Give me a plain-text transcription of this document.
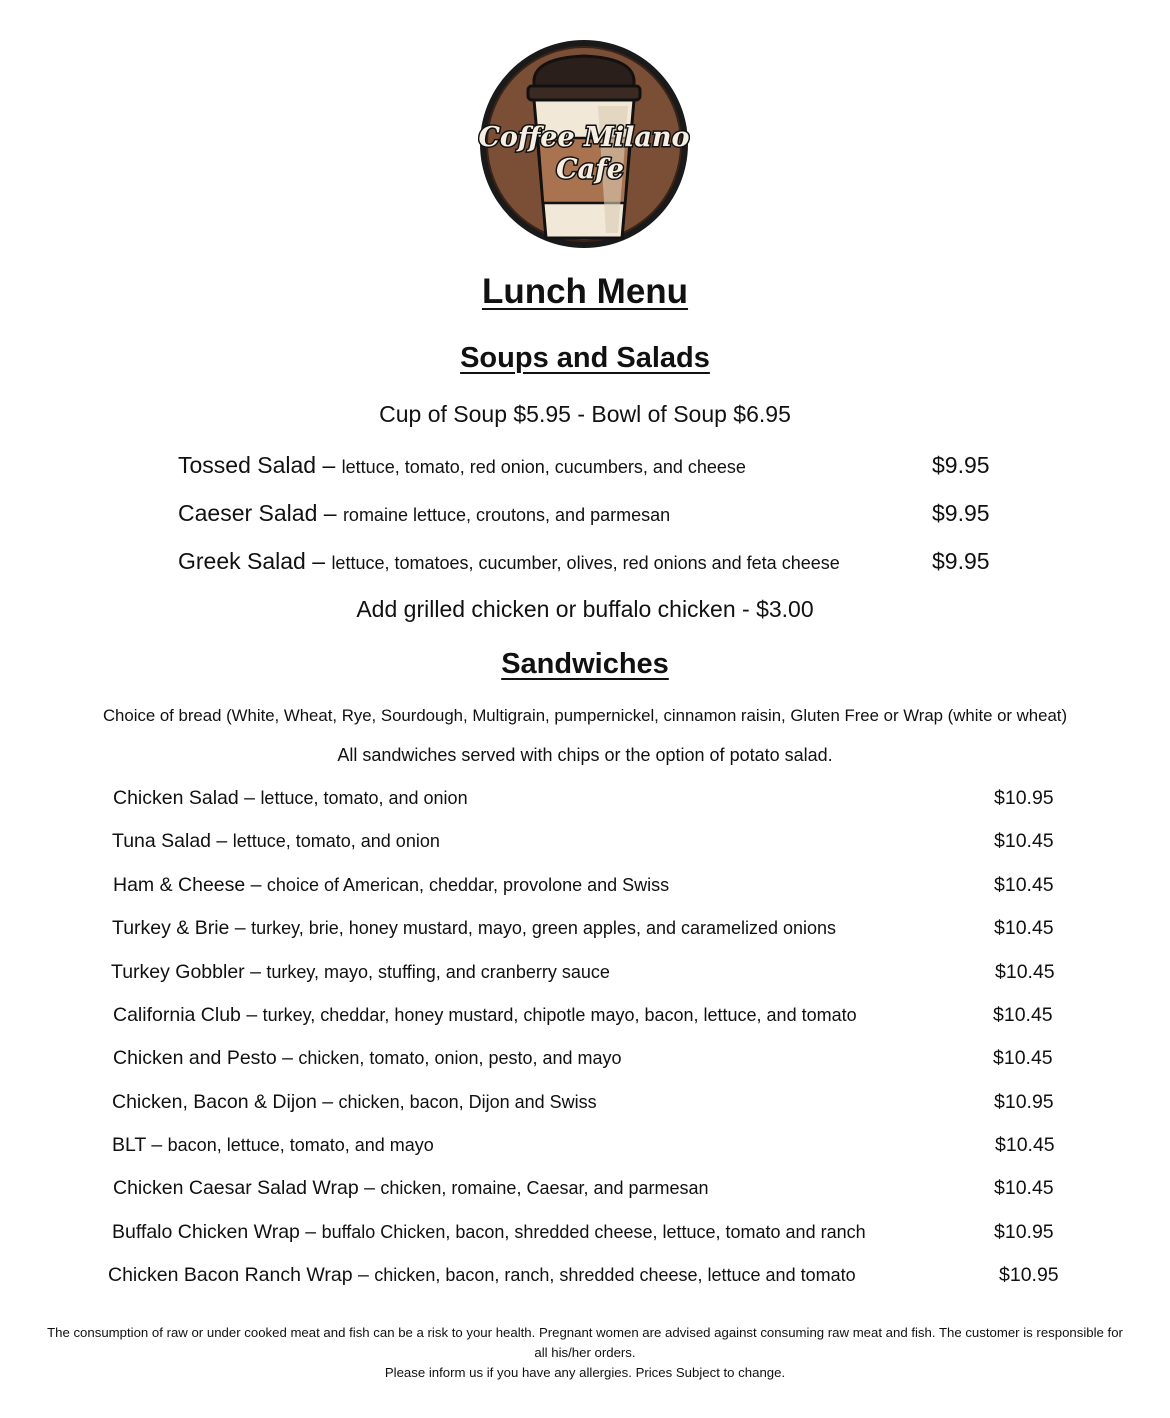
Coffee Milano
Cafe
Lunch Menu
Soups and Salads
Cup of Soup $5.95 - Bowl of Soup $6.95
Tossed Salad – lettuce, tomato, red onion, cucumbers, and cheese	$9.95
Caeser Salad – romaine lettuce, croutons, and parmesan	$9.95
Greek Salad – lettuce, tomatoes, cucumber, olives, red onions and feta cheese	$9.95
Add grilled chicken or buffalo chicken - $3.00
Sandwiches
Choice of bread (White, Wheat, Rye, Sourdough, Multigrain, pumpernickel, cinnamon raisin, Gluten Free or Wrap (white or wheat)
All sandwiches served with chips or the option of potato salad.
Chicken Salad – lettuce, tomato, and onion	$10.95
Tuna Salad – lettuce, tomato, and onion	$10.45
Ham & Cheese – choice of American, cheddar, provolone and Swiss	$10.45
Turkey & Brie – turkey, brie, honey mustard, mayo, green apples, and caramelized onions	$10.45
Turkey Gobbler – turkey, mayo, stuffing, and cranberry sauce	$10.45
California Club – turkey, cheddar, honey mustard, chipotle mayo, bacon, lettuce, and tomato	$10.45
Chicken and Pesto – chicken, tomato, onion, pesto, and mayo	$10.45
Chicken, Bacon & Dijon – chicken, bacon, Dijon and Swiss	$10.95
BLT – bacon, lettuce, tomato, and mayo	$10.45
Chicken Caesar Salad Wrap – chicken, romaine, Caesar, and parmesan	$10.45
Buffalo Chicken Wrap – buffalo Chicken, bacon, shredded cheese, lettuce, tomato and ranch	$10.95
Chicken Bacon Ranch Wrap – chicken, bacon, ranch, shredded cheese, lettuce and tomato	$10.95
The consumption of raw or under cooked meat and fish can be a risk to your health. Pregnant women are advised against consuming raw meat and fish. The customer is responsible for all his/her orders.
Please inform us if you have any allergies. Prices Subject to change.
